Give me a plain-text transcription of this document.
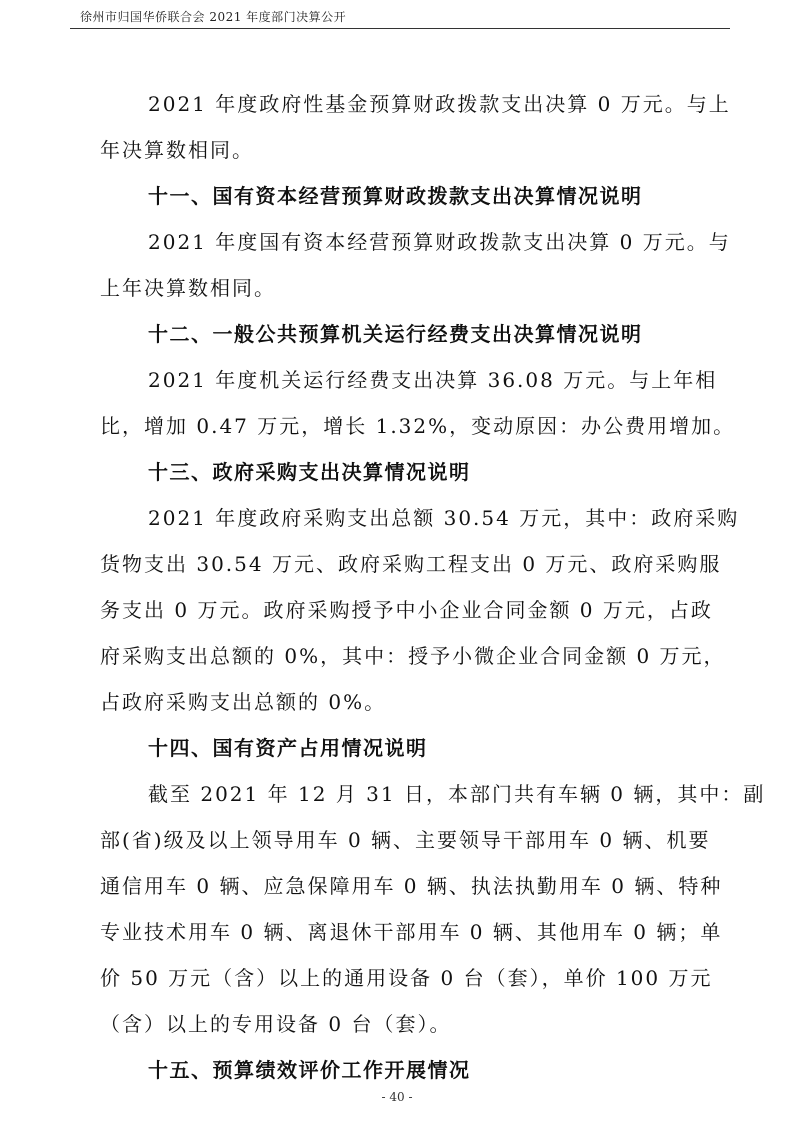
徐州市归国华侨联合会 2021 年度部门决算公开
2021 年度政府性基金预算财政拨款支出决算 0 万元。与上
年决算数相同。
十一、国有资本经营预算财政拨款支出决算情况说明
2021 年度国有资本经营预算财政拨款支出决算 0 万元。与
上年决算数相同。
十二、一般公共预算机关运行经费支出决算情况说明
2021 年度机关运行经费支出决算 36.08 万元。与上年相
比，增加 0.47 万元，增长 1.32%，变动原因：办公费用增加。
十三、政府采购支出决算情况说明
2021 年度政府采购支出总额 30.54 万元，其中：政府采购
货物支出 30.54 万元、政府采购工程支出 0 万元、政府采购服
务支出 0 万元。政府采购授予中小企业合同金额 0 万元，占政
府采购支出总额的 0%，其中：授予小微企业合同金额 0 万元，
占政府采购支出总额的 0%。
十四、国有资产占用情况说明
截至 2021 年 12 月 31 日，本部门共有车辆 0 辆，其中：副
部(省)级及以上领导用车 0 辆、主要领导干部用车 0 辆、机要
通信用车 0 辆、应急保障用车 0 辆、执法执勤用车 0 辆、特种
专业技术用车 0 辆、离退休干部用车 0 辆、其他用车 0 辆；单
价 50 万元（含）以上的通用设备 0 台（套），单价 100 万元
（含）以上的专用设备 0 台（套）。
十五、预算绩效评价工作开展情况
- 40 -
